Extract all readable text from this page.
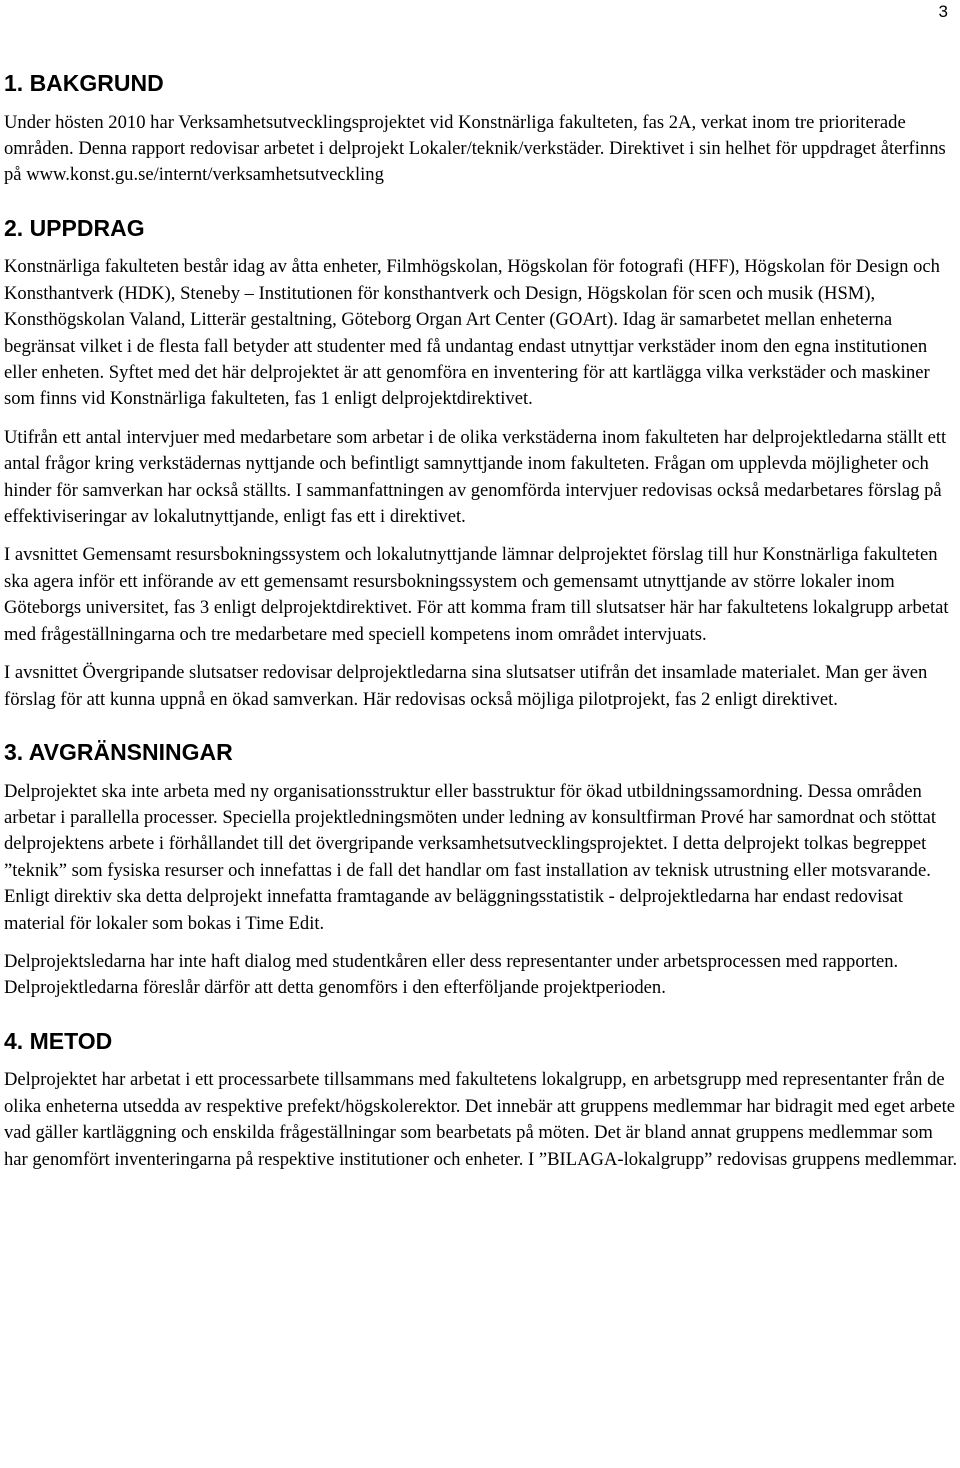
3
1. BAKGRUND

Under hösten 2010 har Verksamhetsutvecklingsprojektet vid Konstnärliga fakulteten, fas 2A, verkat inom tre prioriterade områden. Denna rapport redovisar arbetet i delprojekt Lokaler/teknik/verkstäder. Direktivet i sin helhet för uppdraget återfinns på www.konst.gu.se/internt/verksamhetsutveckling

2. UPPDRAG

Konstnärliga fakulteten består idag av åtta enheter, Filmhögskolan, Högskolan för fotografi (HFF), Högskolan för Design och Konsthantverk (HDK), Steneby – Institutionen för konsthantverk och Design, Högskolan för scen och musik (HSM), Konsthögskolan Valand, Litterär gestaltning, Göteborg Organ Art Center (GOArt). Idag är samarbetet mellan enheterna begränsat vilket i de flesta fall betyder att studenter med få undantag endast utnyttjar verkstäder inom den egna institutionen eller enheten. Syftet med det här delprojektet är att genomföra en inventering för att kartlägga vilka verkstäder och maskiner som finns vid Konstnärliga fakulteten, fas 1 enligt delprojektdirektivet.

Utifrån ett antal intervjuer med medarbetare som arbetar i de olika verkstäderna inom fakulteten har delprojektledarna ställt ett antal frågor kring verkstädernas nyttjande och befintligt samnyttjande inom fakulteten. Frågan om upplevda möjligheter och hinder för samverkan har också ställts. I sammanfattningen av genomförda intervjuer redovisas också medarbetares förslag på effektiviseringar av lokalutnyttjande, enligt fas ett i direktivet.

I avsnittet Gemensamt resursbokningssystem och lokalutnyttjande lämnar delprojektet förslag till hur Konstnärliga fakulteten ska agera inför ett införande av ett gemensamt resursbokningssystem och gemensamt utnyttjande av större lokaler inom Göteborgs universitet, fas 3 enligt delprojektdirektivet. För att komma fram till slutsatser här har fakultetens lokalgrupp arbetat med frågeställningarna och tre medarbetare med speciell kompetens inom området intervjuats.

I avsnittet Övergripande slutsatser redovisar delprojektledarna sina slutsatser utifrån det insamlade materialet. Man ger även förslag för att kunna uppnå en ökad samverkan. Här redovisas också möjliga pilotprojekt, fas 2 enligt direktivet.

3. AVGRÄNSNINGAR

Delprojektet ska inte arbeta med ny organisationsstruktur eller basstruktur för ökad utbildningssamordning. Dessa områden arbetar i parallella processer. Speciella projektledningsmöten under ledning av konsultfirman Prové har samordnat och stöttat delprojektens arbete i förhållandet till det övergripande verksamhetsutvecklingsprojektet. I detta delprojekt tolkas begreppet ”teknik” som fysiska resurser och innefattas i de fall det handlar om fast installation av teknisk utrustning eller motsvarande. Enligt direktiv ska detta delprojekt innefatta framtagande av beläggningsstatistik - delprojektledarna har endast redovisat material för lokaler som bokas i Time Edit.

Delprojektsledarna har inte haft dialog med studentkåren eller dess representanter under arbetsprocessen med rapporten. Delprojektledarna föreslår därför att detta genomförs i den efterföljande projektperioden.

4. METOD

Delprojektet har arbetat i ett processarbete tillsammans med fakultetens lokalgrupp, en arbetsgrupp med representanter från de olika enheterna utsedda av respektive prefekt/högskolerektor. Det innebär att gruppens medlemmar har bidragit med eget arbete vad gäller kartläggning och enskilda frågeställningar som bearbetats på möten. Det är bland annat gruppens medlemmar som har genomfört inventeringarna på respektive institutioner och enheter. I ”BILAGA-lokalgrupp” redovisas gruppens medlemmar.
